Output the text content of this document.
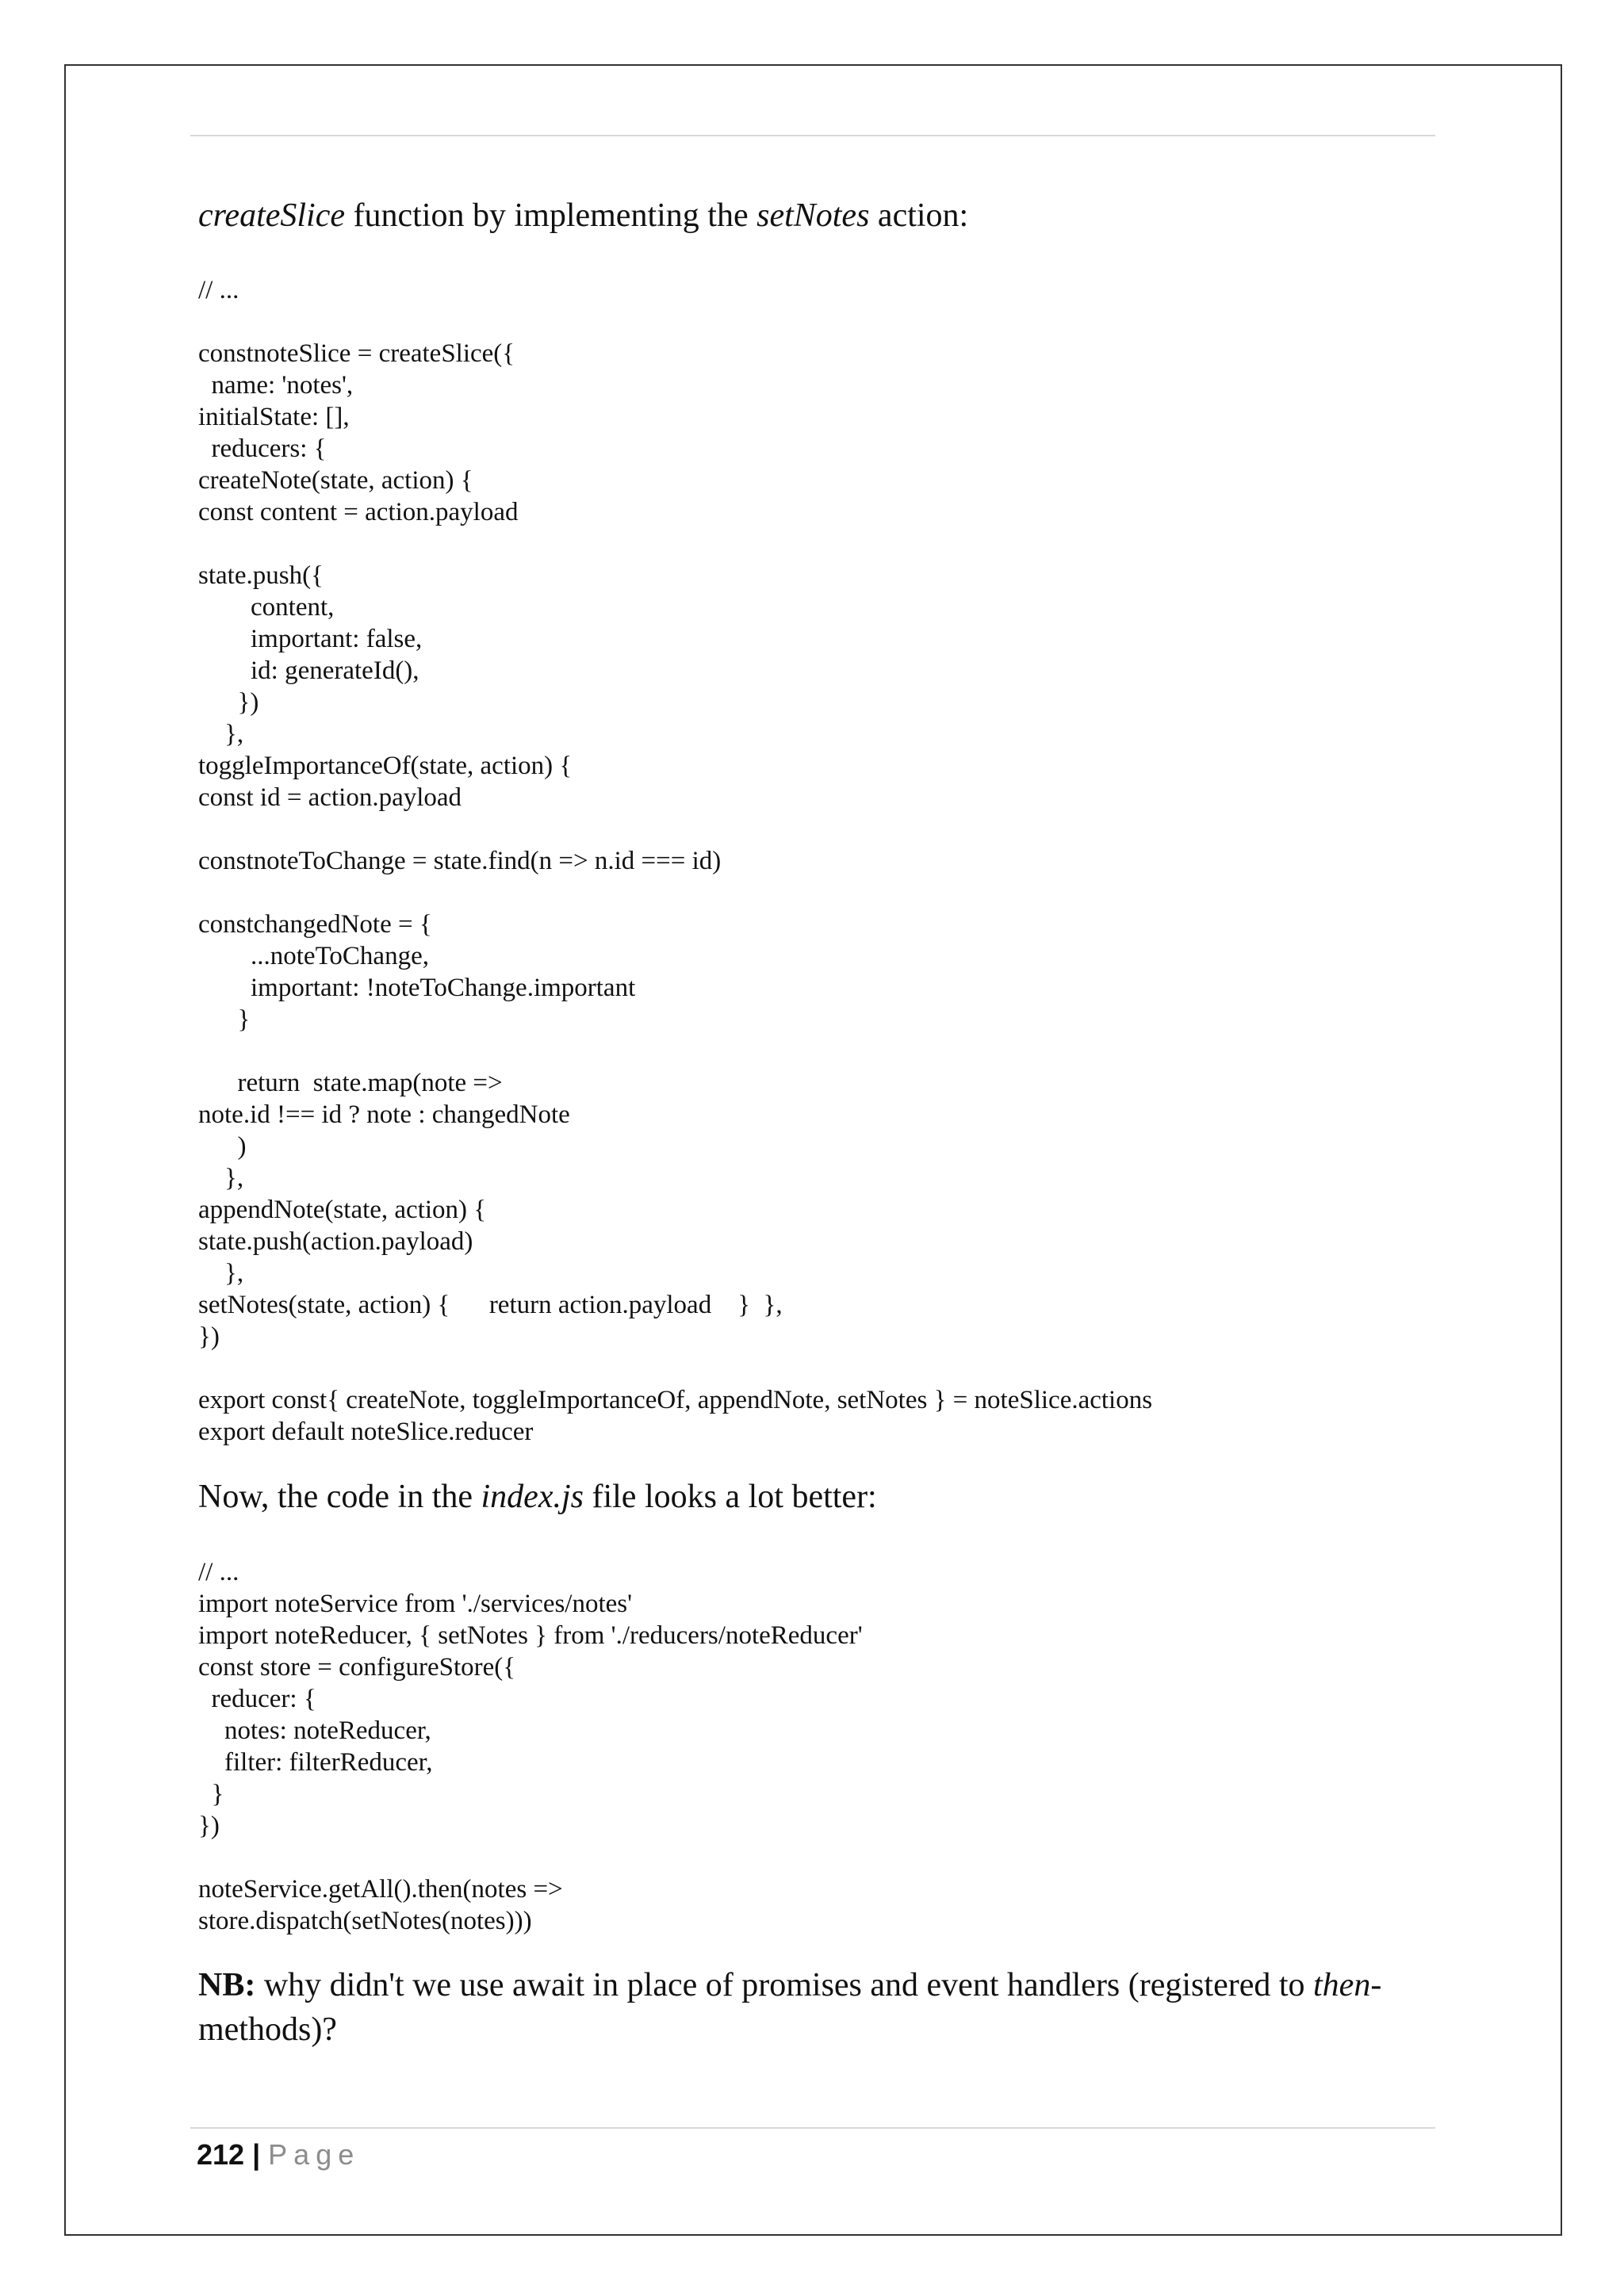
createSlice function by implementing the setNotes action:

// ...

constnoteSlice = createSlice({
name: 'notes',
initialState: [],
reducers: {
createNote(state, action) {
const content = action.payload

state.push({
content,
important: false,
id: generateId(),
})
},
toggleImportanceOf(state, action) {
const id = action.payload

constnoteToChange = state.find(n => n.id === id)

constchangedNote = {
...noteToChange,
important: !noteToChange.important
}

return  state.map(note =>
note.id !== id ? note : changedNote
)
},
appendNote(state, action) {
state.push(action.payload)
},
setNotes(state, action) {      return action.payload    }  },
})

export const{ createNote, toggleImportanceOf, appendNote, setNotes } = noteSlice.actions
export default noteSlice.reducer

Now, the code in the index.js file looks a lot better:

// ...
import noteService from './services/notes'
import noteReducer, { setNotes } from './reducers/noteReducer'
const store = configureStore({
reducer: {
notes: noteReducer,
filter: filterReducer,
}
})

noteService.getAll().then(notes =>
store.dispatch(setNotes(notes)))

NB: why didn't we use await in place of promises and event handlers (registered to then-

methods)?

212 | Page
